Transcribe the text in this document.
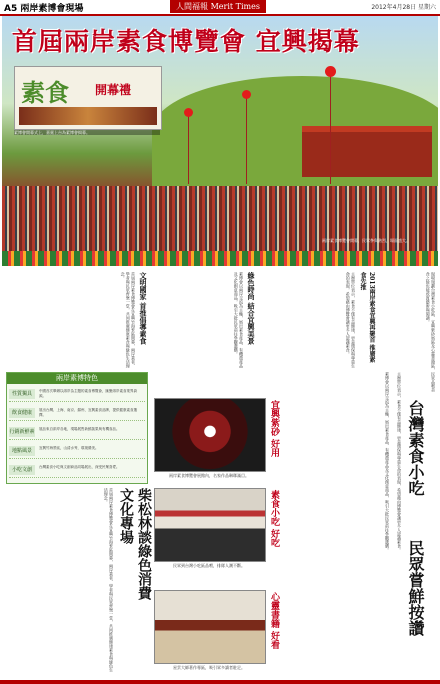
A5 兩岸素博會現場	人間福報 Merit Times	2012年4月28日 星期六
首屆兩岸素食博覽會 宜興揭幕
素食 開幕禮
素博會開幕式上，嘉賓上台為素博會揭幕。
兩岸素食博覽會開幕，民眾參與熱烈，場面盛大。
首屆兩岸素食博覽會在宜興竹海景區開幕，兩岸業者、學者與民眾齊聚一堂，共同推廣健康素食與綠色生活理念。	文明國家 首推倡導素食	素博會以兩岸交流為主軸，展出素食產品、有機農產品及文化創意商品，吸引大批民眾前往參觀選購。	綠色時尚 結合宜興美景	主辦單位表示，素食不僅有益健康，更是環保與尊重生命的表現，希望藉由博覽會讓更多人認識素食。	2013兩岸素食宜興再聚首 推廣素食先推	現場規劃台灣素食小吃區、宜興紫砂展區及心靈書籍區，民眾品嚐美食之餘也能欣賞藝術與閱讀。
兩岸素博特色
性質獨具	中國首次舉辦以兩岸為主題的素食博覽會，匯聚兩岸素食業界資源。
飲食健康	展出台灣、上海、南京、蘇州、宜興素食品牌，提供健康素食選擇。
行銷新鮮素 展品來自兩岸各地，現場展售新鮮蔬果與有機食品。
地點風景	宜興竹海景區，山清水秀，環境優美。
小吃文創	台灣素食小吃與文創商品同場展出，深受民眾喜愛。
首屆兩岸素食博覽會在宜興竹海景區開幕，兩岸業者、學者與民眾齊聚一堂，共同推廣健康素食與綠色生活理念。 文化專場 柴松林談綠色消費
兩岸素食博覽會展館內，名家作品琳瑯滿目。
民眾到台灣小吃區品嚐，排隊人潮不斷。
星雲大師著作專區，吸引眾多讀者駐足。
宜興紫砂 好用
素食小吃 好吃
心靈書籍 好看
素博會以兩岸交流為主軸，展出素食產品、有機農產品及文化創意商品，吸引大批民眾前往參觀選購。 台灣素食小吃
民眾嘗鮮按讚
主辦單位表示，素食不僅有益健康，更是環保與尊重生命的表現，希望藉由博覽會讓更多人認識素食。
